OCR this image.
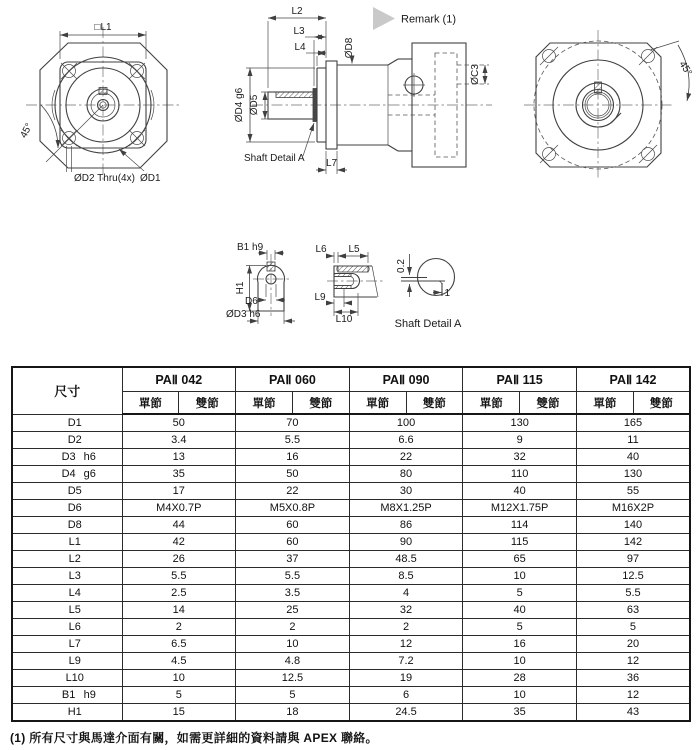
□L1
45°
ØD2 Thru(4x) ØD1
Remark (1)
L2
L3
L4	ØD8
ØC3
ØD4 g6 ØD5
Shaft Detail A L7
45°
B1 h9
H1
D6
ØD3 h6
L6 L5
L9
L10
0.2
1
Shaft Detail A
尺寸	PAⅡ 042		PAⅡ 060		PAⅡ 090		PAⅡ 115		PAⅡ 142	
	單節	雙節	單節	雙節	單節	雙節	單節	雙節	單節	雙節
D1	50		70		100		130		165	
D2	3.4		5.5		6.6		9		11	
D3 h6	13		16		22		32		40	
D4 g6	35		50		80		110		130	
D5	17		22		30		40		55	
D6	M4X0.7P		M5X0.8P		M8X1.25P		M12X1.75P		M16X2P	
D8	44		60		86		114		140	
L1	42		60		90		115		142	
L2	26		37		48.5		65		97	
L3	5.5		5.5		8.5		10		12.5	
L4	2.5		3.5		4		5		5.5	
L5	14		25		32		40		63	
L6	2		2		2		5		5	
L7	6.5		10		12		16		20	
L9	4.5		4.8		7.2		10		12	
L10	10		12.5		19		28		36	
B1 h9	5		5		6		10		12	
H1	15		18		24.5		35		43	
(1) 所有尺寸與馬達介面有關，如需更詳細的資料請與 APEX 聯絡。
